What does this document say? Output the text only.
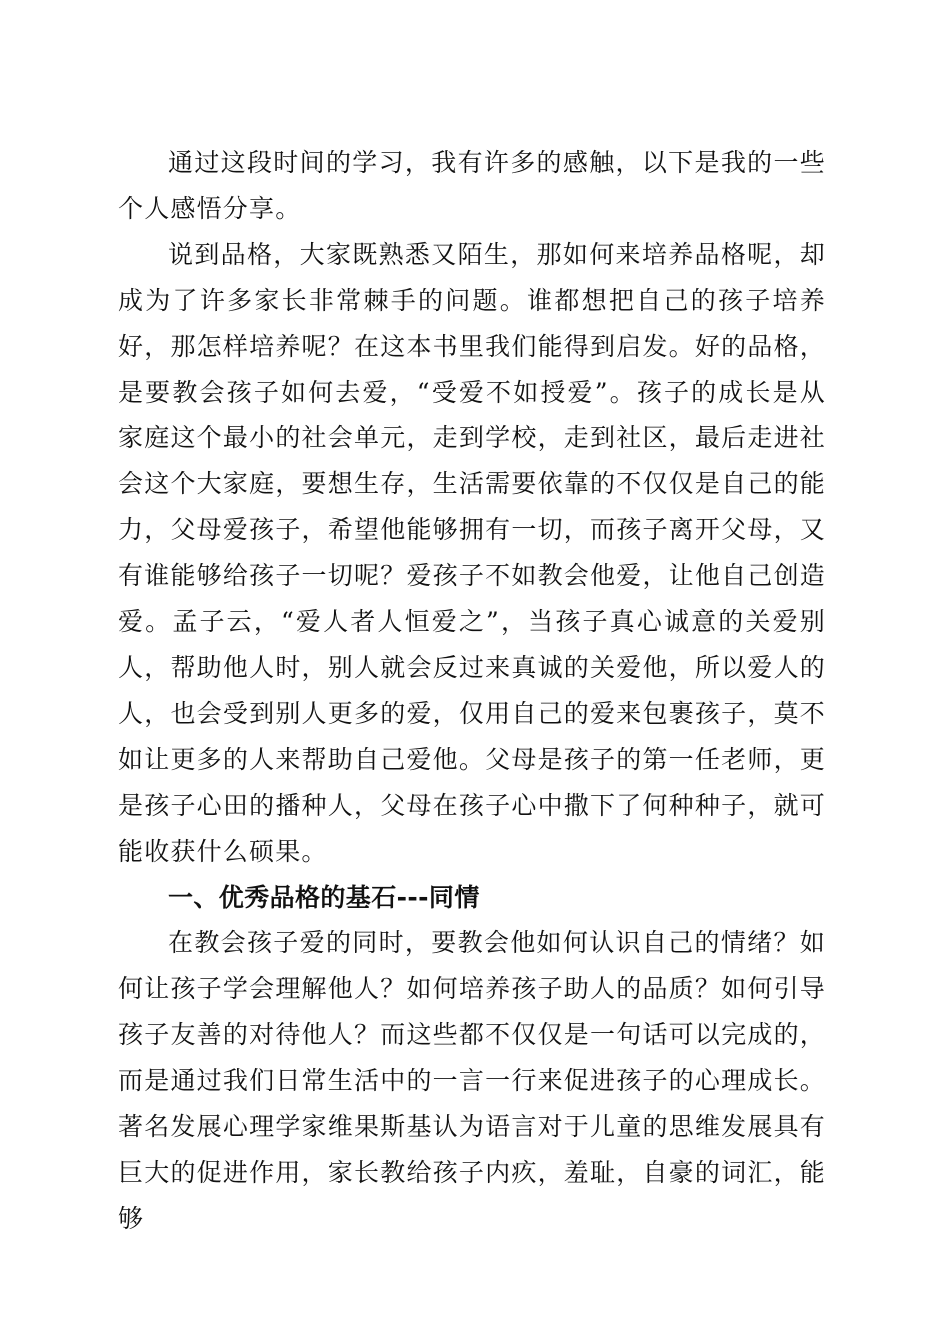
通过这段时间的学习，我有许多的感触，以下是我的一些个人感悟分享。

说到品格，大家既熟悉又陌生，那如何来培养品格呢，却成为了许多家长非常棘手的问题。谁都想把自己的孩子培养好，那怎样培养呢？在这本书里我们能得到启发。好的品格，是要教会孩子如何去爱，“受爱不如授爱”。孩子的成长是从家庭这个最小的社会单元，走到学校，走到社区，最后走进社会这个大家庭，要想生存，生活需要依靠的不仅仅是自己的能力，父母爱孩子，希望他能够拥有一切，而孩子离开父母，又有谁能够给孩子一切呢？爱孩子不如教会他爱，让他自己创造爱。孟子云，“爱人者人恒爱之”，当孩子真心诚意的关爱别人，帮助他人时，别人就会反过来真诚的关爱他，所以爱人的人，也会受到别人更多的爱，仅用自己的爱来包裹孩子，莫不如让更多的人来帮助自己爱他。父母是孩子的第一任老师，更是孩子心田的播种人，父母在孩子心中撒下了何种种子，就可能收获什么硕果。

一、优秀品格的基石---同情

在教会孩子爱的同时，要教会他如何认识自己的情绪？如何让孩子学会理解他人？如何培养孩子助人的品质？如何引导孩子友善的对待他人？而这些都不仅仅是一句话可以完成的，而是通过我们日常生活中的一言一行来促进孩子的心理成长。著名发展心理学家维果斯基认为语言对于儿童的思维发展具有巨大的促进作用，家长教给孩子内疚，羞耻，自豪的词汇，能够
